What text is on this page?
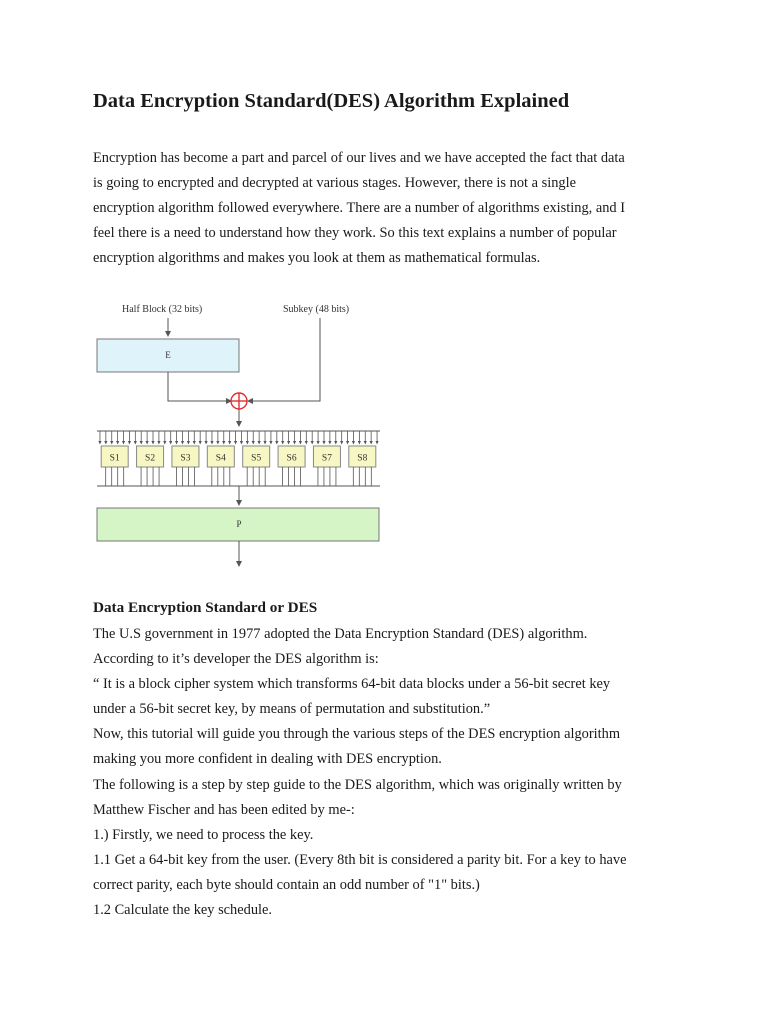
Data Encryption Standard(DES) Algorithm Explained

Encryption has become a part and parcel of our lives and we have accepted the fact that data
is going to encrypted and decrypted at various stages. However, there is not a single
encryption algorithm followed everywhere. There are a number of algorithms existing, and I
feel there is a need to understand how they work. So this text explains a number of popular
encryption algorithms and makes you look at them as mathematical formulas.

Half Block (32 bits)	Subkey (48 bits)
E
S1	S2	S3	S4	S5	S6	S7	S8
P
Data Encryption Standard or DES

The U.S government in 1977 adopted the Data Encryption Standard (DES) algorithm.
According to it’s developer the DES algorithm is:
“ It is a block cipher system which transforms 64-bit data blocks under a 56-bit secret key
under a 56-bit secret key, by means of permutation and substitution.”
Now, this tutorial will guide you through the various steps of the DES encryption algorithm
making you more confident in dealing with DES encryption.
The following is a step by step guide to the DES algorithm, which was originally written by
Matthew Fischer and has been edited by me-:
1.) Firstly, we need to process the key.
1.1 Get a 64-bit key from the user. (Every 8th bit is considered a parity bit. For a key to have
correct parity, each byte should contain an odd number of "1" bits.)
1.2 Calculate the key schedule.
